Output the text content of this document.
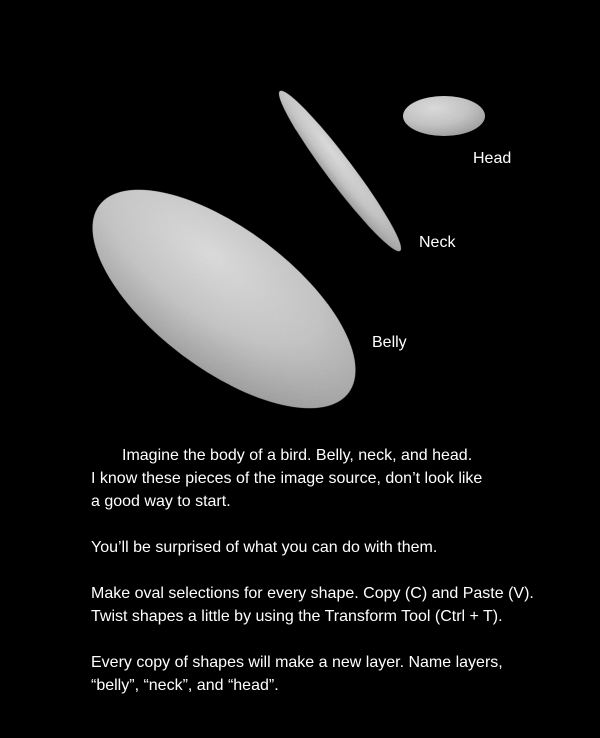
Head
Neck
Belly

Imagine the body of a bird. Belly, neck, and head.
I know these pieces of the image source, don’t look like
a good way to start.

You’ll be surprised of what you can do with them.

Make oval selections for every shape. Copy (C) and Paste (V).
Twist shapes a little by using the Transform Tool (Ctrl + T).

Every copy of shapes will make a new layer. Name layers,
“belly”, “neck”, and “head”.
